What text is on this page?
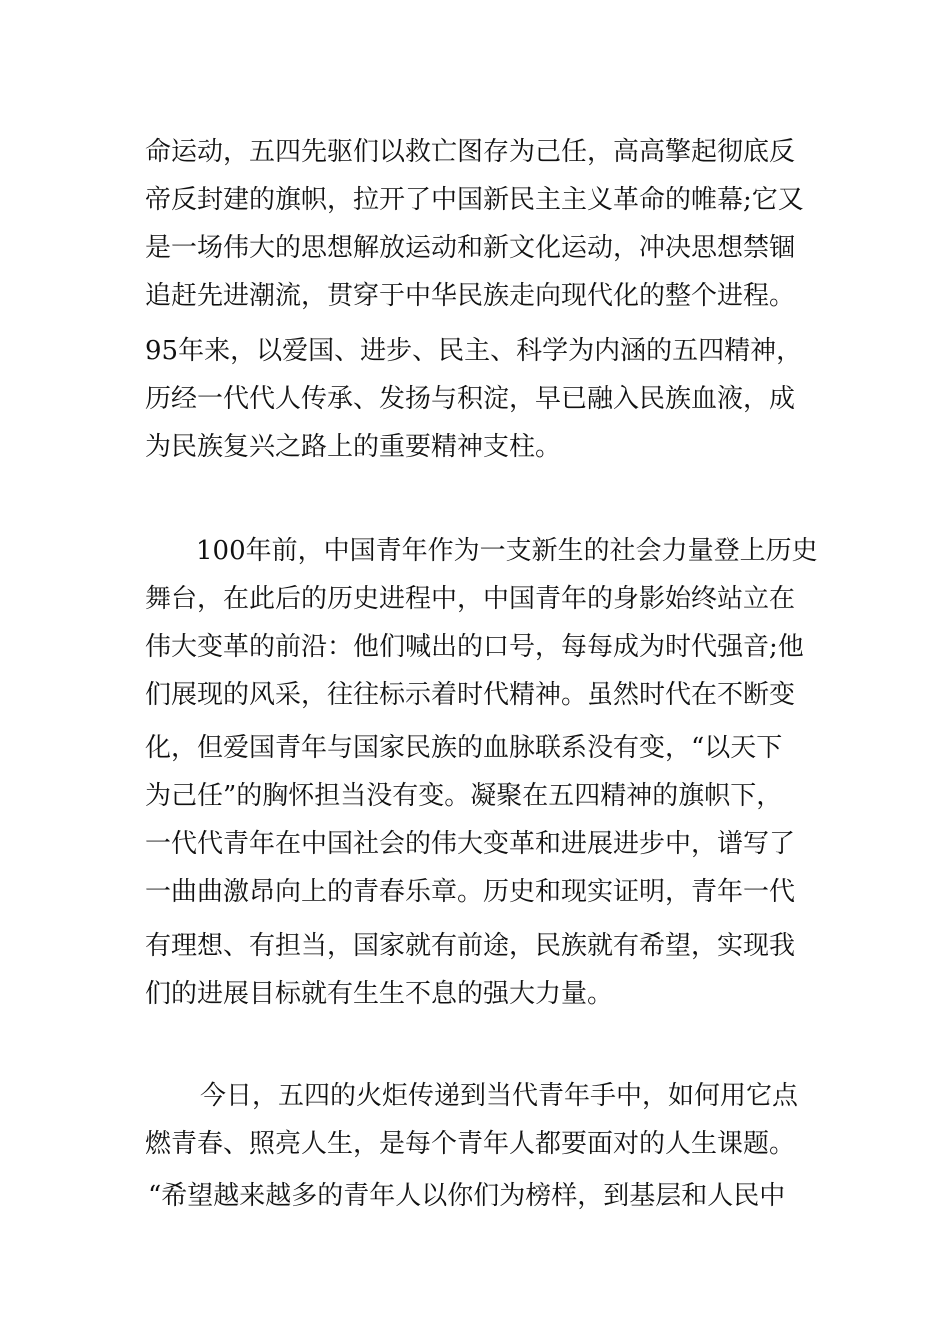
命运动，五四先驱们以救亡图存为己任，高高擎起彻底反
帝反封建的旗帜，拉开了中国新民主主义革命的帷幕;它又
是一场伟大的思想解放运动和新文化运动，冲决思想禁锢
追赶先进潮流，贯穿于中华民族走向现代化的整个进程。
95年来，以爱国、进步、民主、科学为内涵的五四精神，
历经一代代人传承、发扬与积淀，早已融入民族血液，成
为民族复兴之路上的重要精神支柱。
100年前，中国青年作为一支新生的社会力量登上历史
舞台，在此后的历史进程中，中国青年的身影始终站立在
伟大变革的前沿：他们喊出的口号，每每成为时代强音;他
们展现的风采，往往标示着时代精神。虽然时代在不断变
化，但爱国青年与国家民族的血脉联系没有变，“以天下
为己任”的胸怀担当没有变。凝聚在五四精神的旗帜下，
一代代青年在中国社会的伟大变革和进展进步中，谱写了
一曲曲激昂向上的青春乐章。历史和现实证明，青年一代
有理想、有担当，国家就有前途，民族就有希望，实现我
们的进展目标就有生生不息的强大力量。
今日，五四的火炬传递到当代青年手中，如何用它点
燃青春、照亮人生，是每个青年人都要面对的人生课题。
“希望越来越多的青年人以你们为榜样，到基层和人民中
